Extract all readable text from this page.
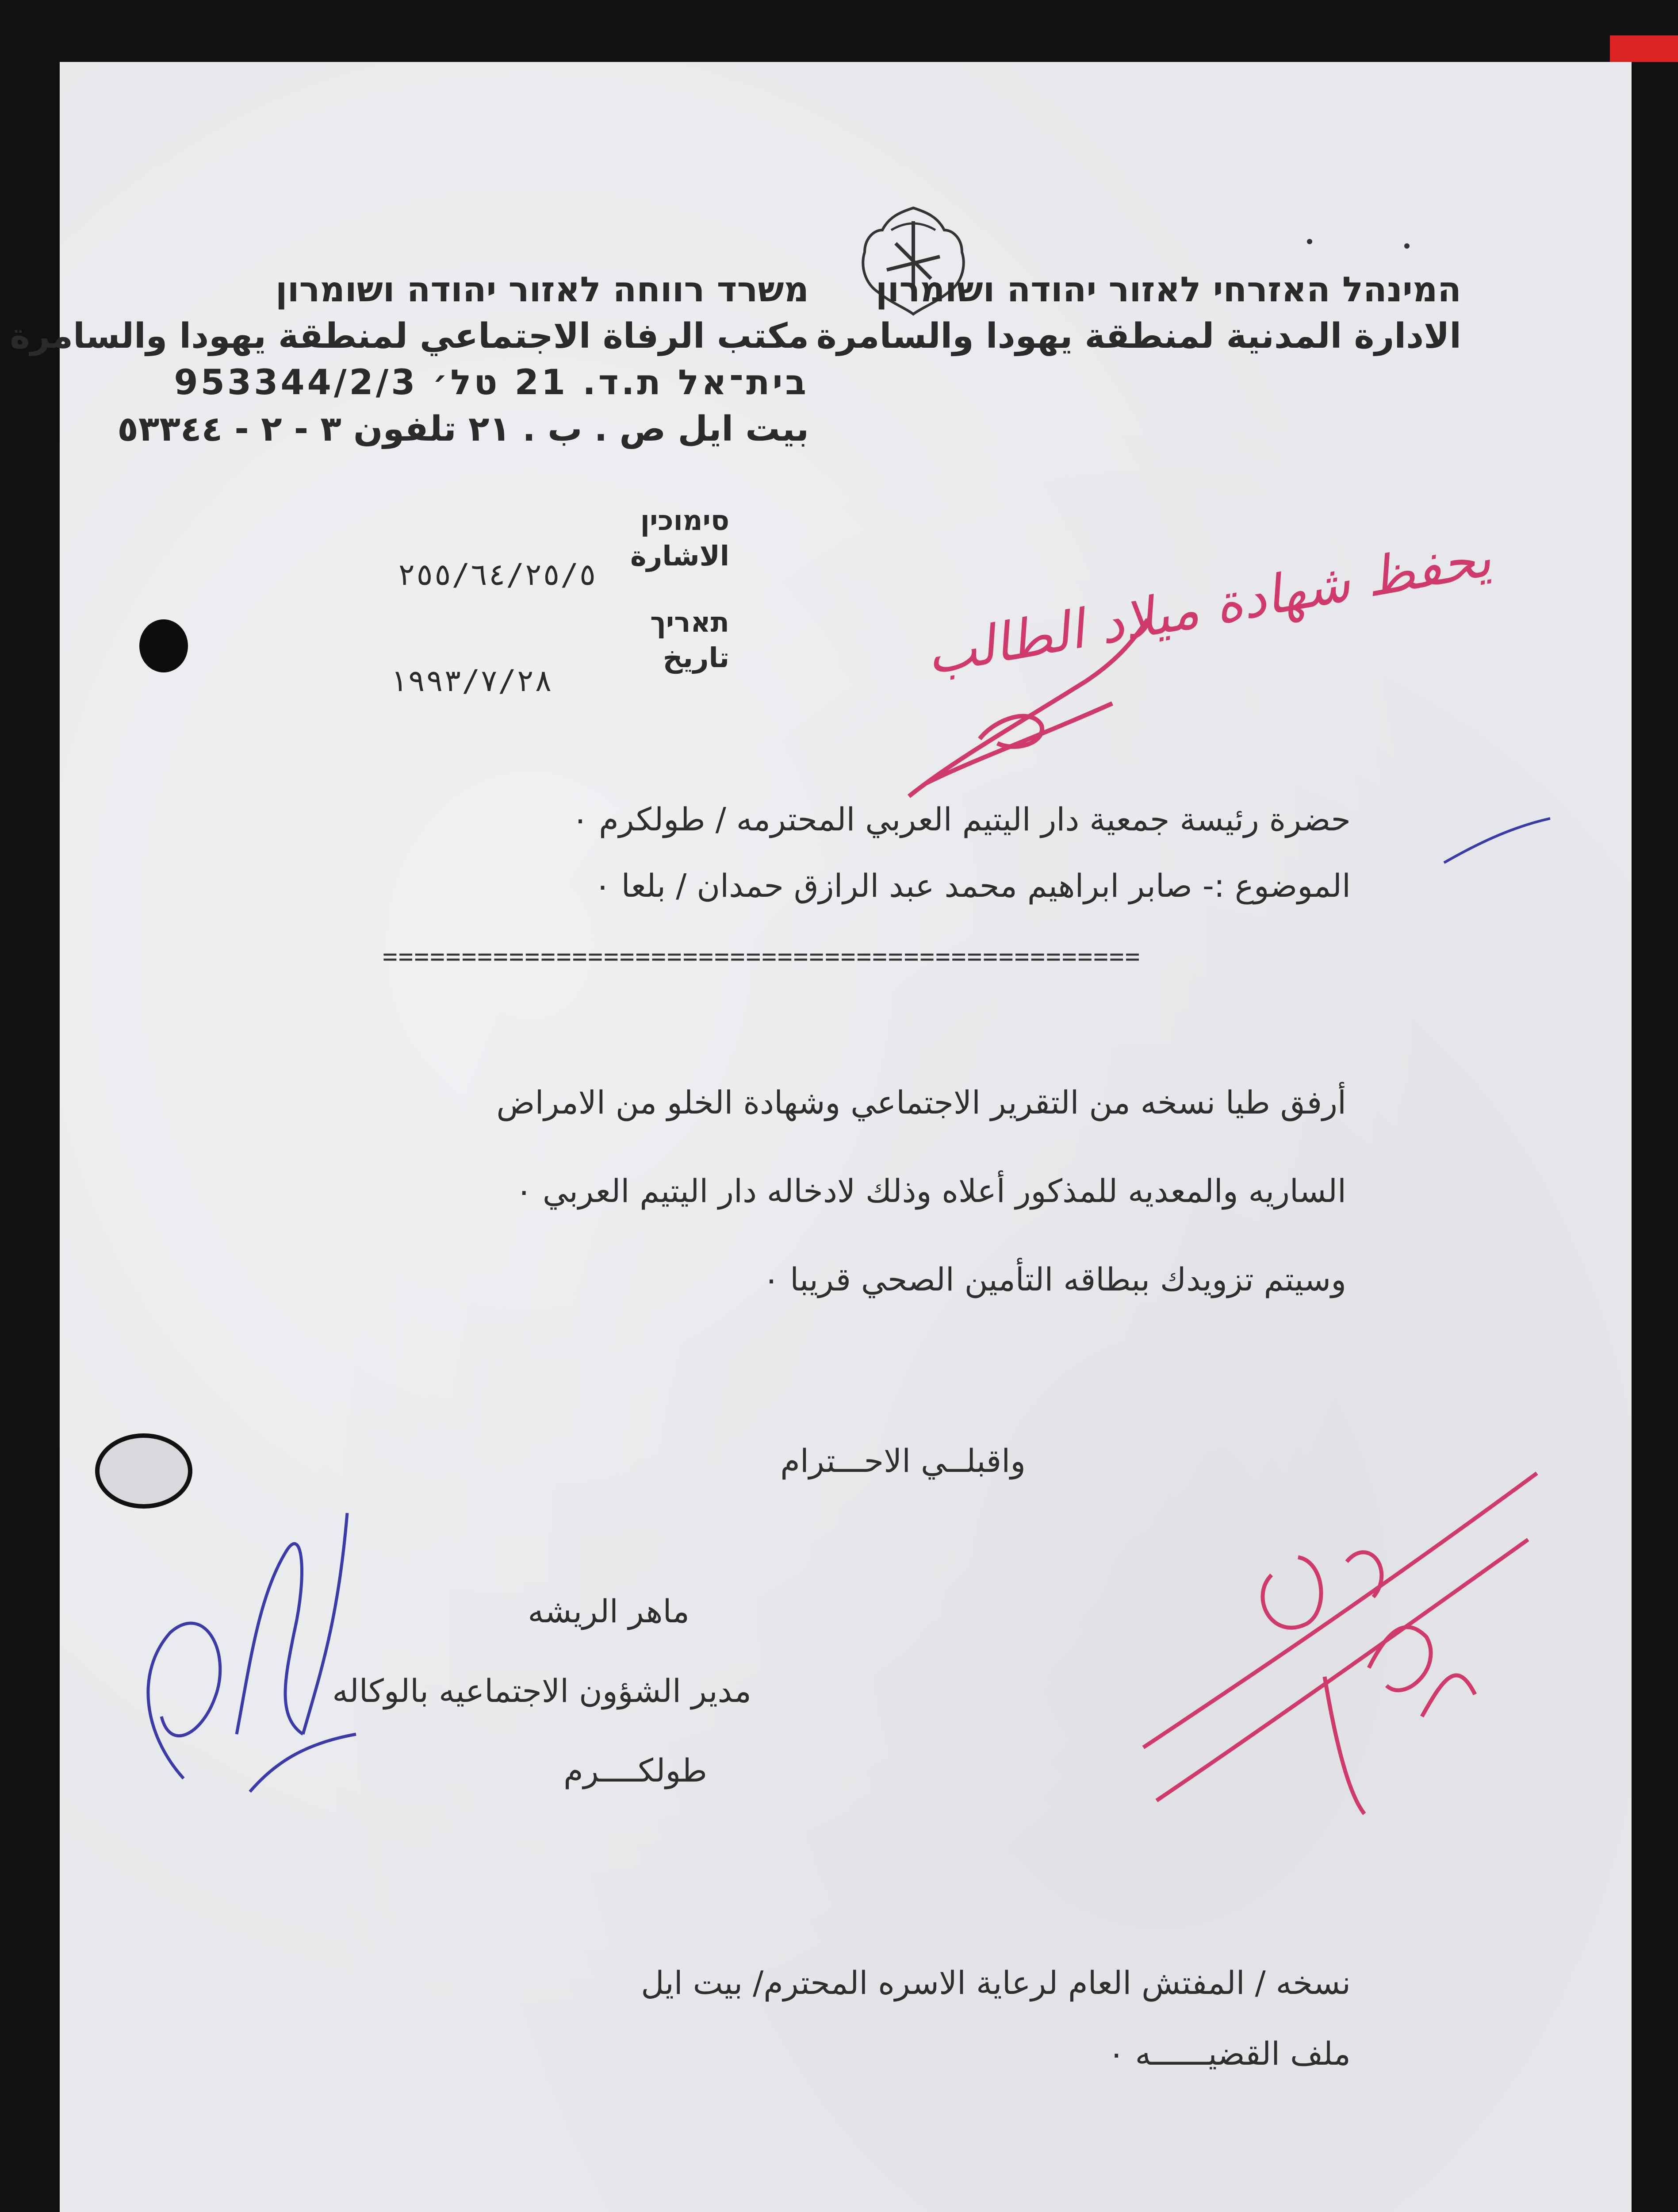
המינהל האזרחי לאזור יהודה ושומרון
الادارة المدنية لمنطقة يهودا والسامرة
משרד רווחה לאזור יהודה ושומרון
مكتب الرفاة الاجتماعي لمنطقة يهودا والسامرة
בית־אל ת.ד. 21 טל׳ 953344/2/3
بيت ايل ص . ب . ٢١ تلفون ٣ - ٢ - ٥٣٣٤٤
סימוכין
الاشارة
٢٥٥/٦٤/٢٥/٥
תאריך
تاريخ
١٩٩٣/٧/٢٨	يحفظ شهادة ميلاد الطالب
حضرة رئيسة جمعية دار اليتيم العربي المحترمه / طولكرم ٠
الموضوع :- صابر ابراهيم محمد عبد الرازق حمدان / بلعا ٠
================================================
أرفق طيا نسخه من التقرير الاجتماعي وشهادة الخلو من الامراض
الساريه والمعديه للمذكور أعلاه وذلك لادخاله دار اليتيم العربي ٠
وسيتم تزويدك ببطاقه التأمين الصحي قريبا ٠
واقبلــي الاحـــترام
ماهر الريشه
مدير الشؤون الاجتماعيه بالوكاله
طولكــــرم
نسخه / المفتش العام لرعاية الاسره المحترم/ بيت ايل
ملف القضيــــــه ٠
